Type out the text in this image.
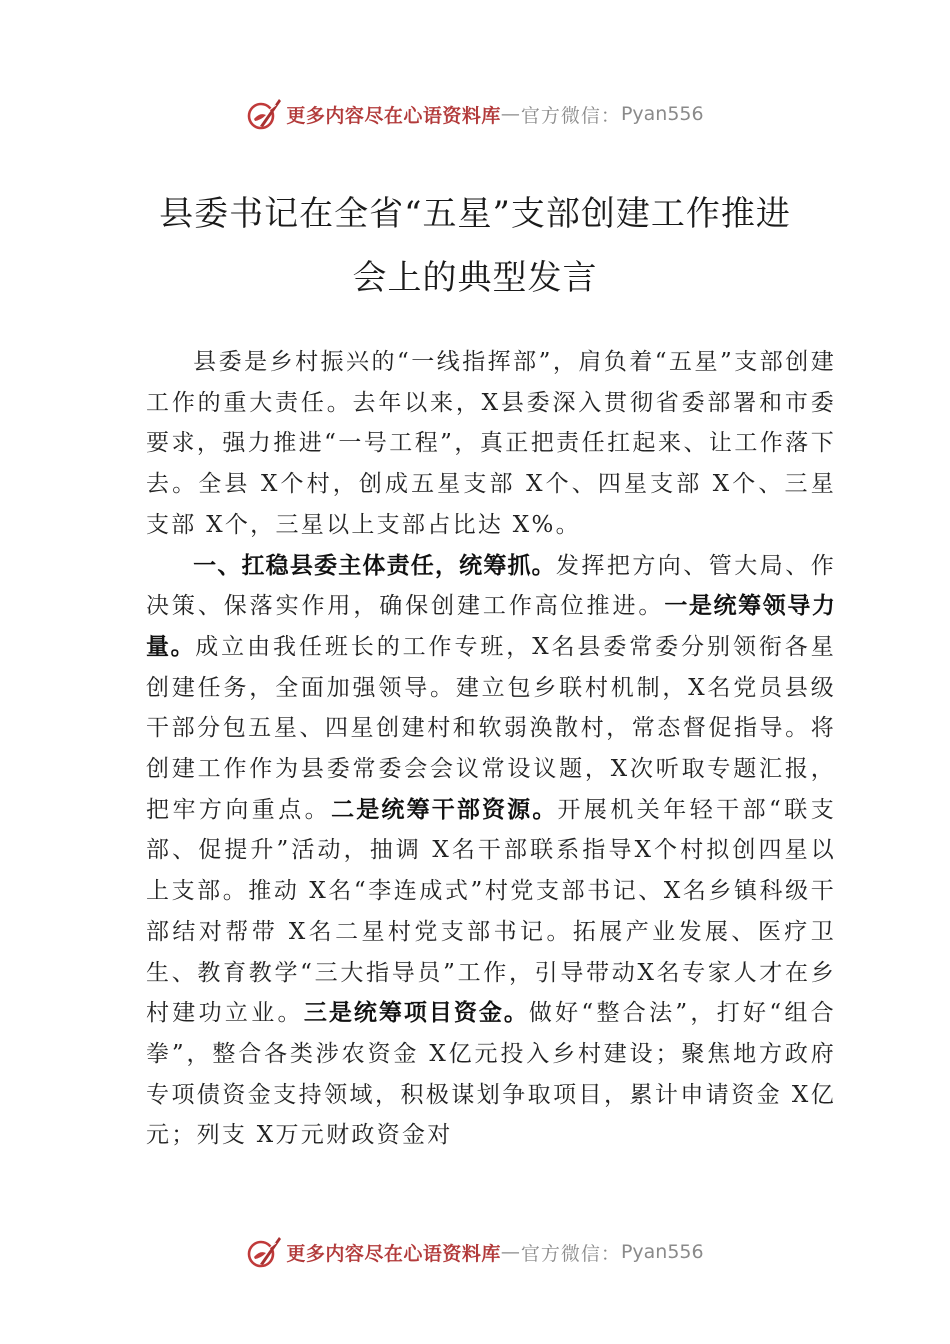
更多内容尽在心语资料库 — 官方微信： Pyan556
县委书记在全省“五星”支部创建工作推进
会上的典型发言

县委是乡村振兴的“一线指挥部”，肩负着“五星”支部创建工作的重大责任。去年以来，X县委深入贯彻省委部署和市委要求，强力推进“一号工程”，真正把责任扛起来、让工作落下去。全县 X个村，创成五星支部 X个、四星支部 X个、三星支部 X个，三星以上支部占比达 X%。

一、扛稳县委主体责任，统筹抓。发挥把方向、管大局、作决策、保落实作用，确保创建工作高位推进。一是统筹领导力量。成立由我任班长的工作专班，X名县委常委分别领衔各星创建任务，全面加强领导。建立包乡联村机制，X名党员县级干部分包五星、四星创建村和软弱涣散村，常态督促指导。将创建工作作为县委常委会会议常设议题，X次听取专题汇报，把牢方向重点。二是统筹干部资源。开展机关年轻干部“联支部、促提升”活动，抽调 X名干部联系指导X个村拟创四星以上支部。推动 X名“李连成式”村党支部书记、X名乡镇科级干部结对帮带 X名二星村党支部书记。拓展产业发展、医疗卫生、教育教学“三大指导员”工作，引导带动X名专家人才在乡村建功立业。三是统筹项目资金。做好“整合法”，打好“组合拳”，整合各类涉农资金 X亿元投入乡村建设；聚焦地方政府专项债资金支持领域，积极谋划争取项目，累计申请资金 X亿元；列支 X万元财政资金对

更多内容尽在心语资料库 — 官方微信： Pyan556
